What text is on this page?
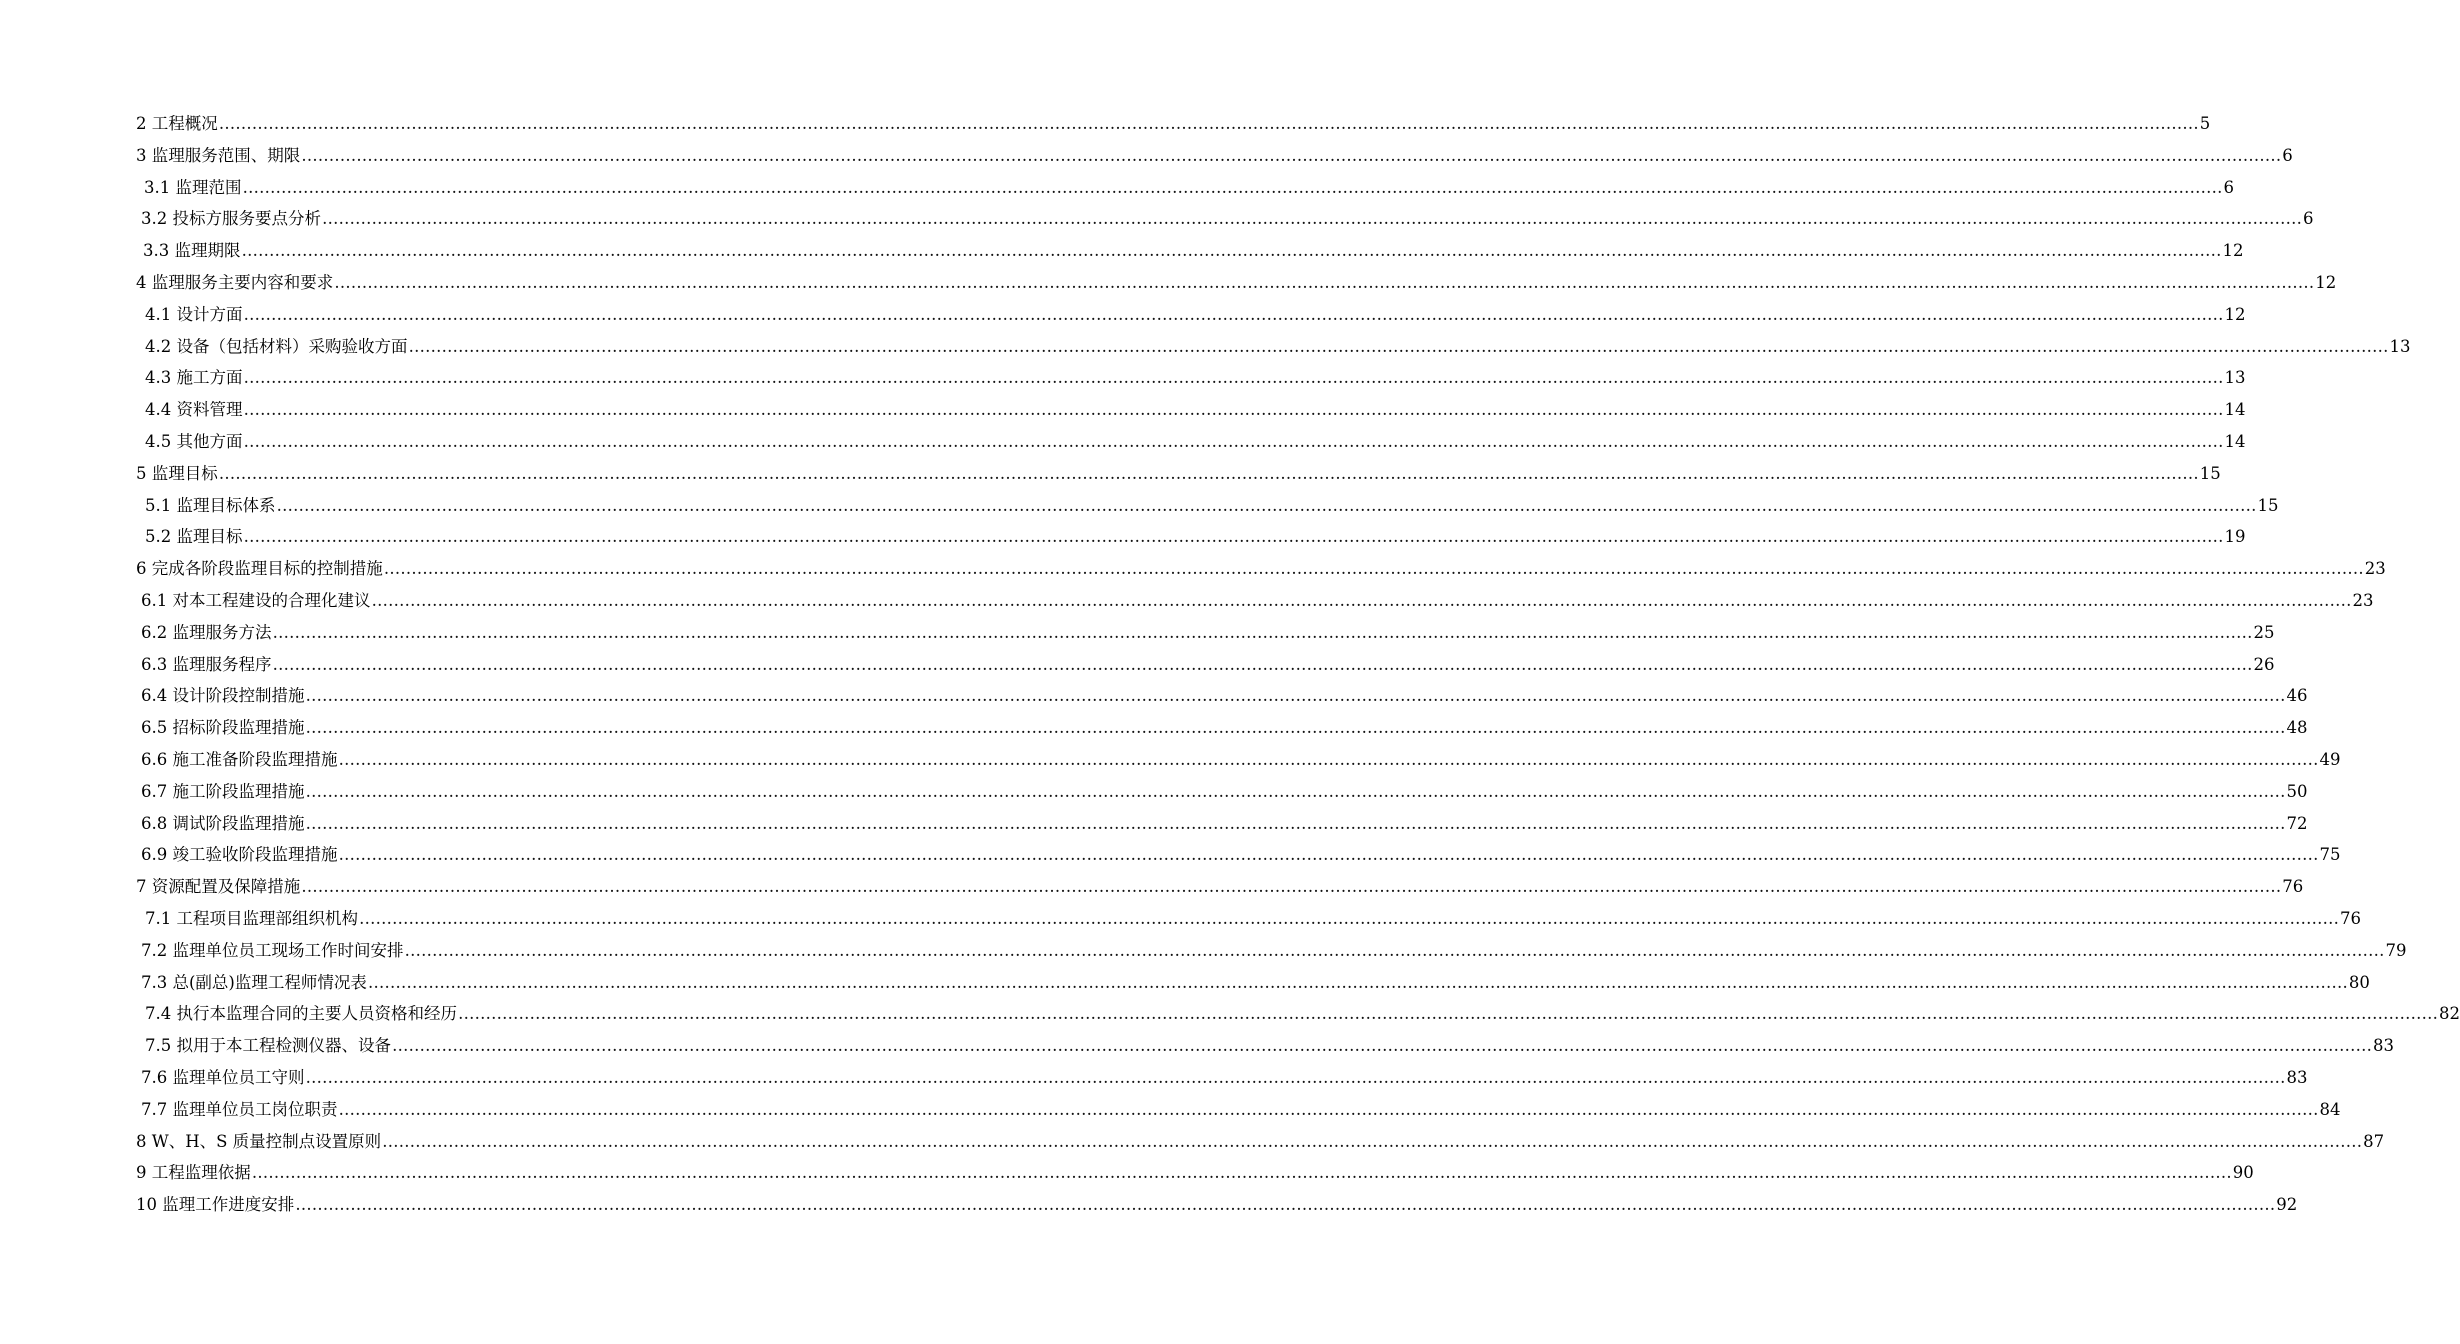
2 工程概况 ……………………………………………………………………………………………………………………………………………………………………………………………………………………………………………………………………………………………………………………………… 5
3 监理服务范围、期限 ……………………………………………………………………………………………………………………………………………………………………………………………………………………………………………………………………………………………………………………………… 6
3.1 监理范围 ……………………………………………………………………………………………………………………………………………………………………………………………………………………………………………………………………………………………………………………………… 6
3.2 投标方服务要点分析 ……………………………………………………………………………………………………………………………………………………………………………………………………………………………………………………………………………………………………………………………… 6
3.3 监理期限 ……………………………………………………………………………………………………………………………………………………………………………………………………………………………………………………………………………………………………………………………… 12
4 监理服务主要内容和要求 ……………………………………………………………………………………………………………………………………………………………………………………………………………………………………………………………………………………………………………………………… 12
4.1 设计方面 ……………………………………………………………………………………………………………………………………………………………………………………………………………………………………………………………………………………………………………………………… 12
4.2 设备（包括材料）采购验收方面 ……………………………………………………………………………………………………………………………………………………………………………………………………………………………………………………………………………………………………………………………… 13
4.3 施工方面 ……………………………………………………………………………………………………………………………………………………………………………………………………………………………………………………………………………………………………………………………… 13
4.4 资料管理 ……………………………………………………………………………………………………………………………………………………………………………………………………………………………………………………………………………………………………………………………… 14
4.5 其他方面 ……………………………………………………………………………………………………………………………………………………………………………………………………………………………………………………………………………………………………………………………… 14
5 监理目标 ……………………………………………………………………………………………………………………………………………………………………………………………………………………………………………………………………………………………………………………………… 15
5.1 监理目标体系 ……………………………………………………………………………………………………………………………………………………………………………………………………………………………………………………………………………………………………………………………… 15
5.2 监理目标 ……………………………………………………………………………………………………………………………………………………………………………………………………………………………………………………………………………………………………………………………… 19
6 完成各阶段监理目标的控制措施 ……………………………………………………………………………………………………………………………………………………………………………………………………………………………………………………………………………………………………………………………… 23
6.1 对本工程建设的合理化建议 ……………………………………………………………………………………………………………………………………………………………………………………………………………………………………………………………………………………………………………………………… 23
6.2 监理服务方法 ……………………………………………………………………………………………………………………………………………………………………………………………………………………………………………………………………………………………………………………………… 25
6.3 监理服务程序 ……………………………………………………………………………………………………………………………………………………………………………………………………………………………………………………………………………………………………………………………… 26
6.4 设计阶段控制措施 ……………………………………………………………………………………………………………………………………………………………………………………………………………………………………………………………………………………………………………………………… 46
6.5 招标阶段监理措施 ……………………………………………………………………………………………………………………………………………………………………………………………………………………………………………………………………………………………………………………………… 48
6.6 施工准备阶段监理措施 ……………………………………………………………………………………………………………………………………………………………………………………………………………………………………………………………………………………………………………………………… 49
6.7 施工阶段监理措施 ……………………………………………………………………………………………………………………………………………………………………………………………………………………………………………………………………………………………………………………………… 50
6.8 调试阶段监理措施 ……………………………………………………………………………………………………………………………………………………………………………………………………………………………………………………………………………………………………………………………… 72
6.9 竣工验收阶段监理措施 ……………………………………………………………………………………………………………………………………………………………………………………………………………………………………………………………………………………………………………………………… 75
7 资源配置及保障措施 ……………………………………………………………………………………………………………………………………………………………………………………………………………………………………………………………………………………………………………………………… 76
7.1 工程项目监理部组织机构 ……………………………………………………………………………………………………………………………………………………………………………………………………………………………………………………………………………………………………………………………… 76
7.2 监理单位员工现场工作时间安排 ……………………………………………………………………………………………………………………………………………………………………………………………………………………………………………………………………………………………………………………………… 79
7.3 总(副总)监理工程师情况表 ……………………………………………………………………………………………………………………………………………………………………………………………………………………………………………………………………………………………………………………………… 80
7.4 执行本监理合同的主要人员资格和经历 ……………………………………………………………………………………………………………………………………………………………………………………………………………………………………………………………………………………………………………………………… 82
7.5 拟用于本工程检测仪器、设备 ……………………………………………………………………………………………………………………………………………………………………………………………………………………………………………………………………………………………………………………………… 83
7.6 监理单位员工守则 ……………………………………………………………………………………………………………………………………………………………………………………………………………………………………………………………………………………………………………………………… 83
7.7 监理单位员工岗位职责 ……………………………………………………………………………………………………………………………………………………………………………………………………………………………………………………………………………………………………………………………… 84
8 W、H、S 质量控制点设置原则 ……………………………………………………………………………………………………………………………………………………………………………………………………………………………………………………………………………………………………………………………… 87
9 工程监理依据 ……………………………………………………………………………………………………………………………………………………………………………………………………………………………………………………………………………………………………………………………… 90
10 监理工作进度安排 ……………………………………………………………………………………………………………………………………………………………………………………………………………………………………………………………………………………………………………………………… 92
